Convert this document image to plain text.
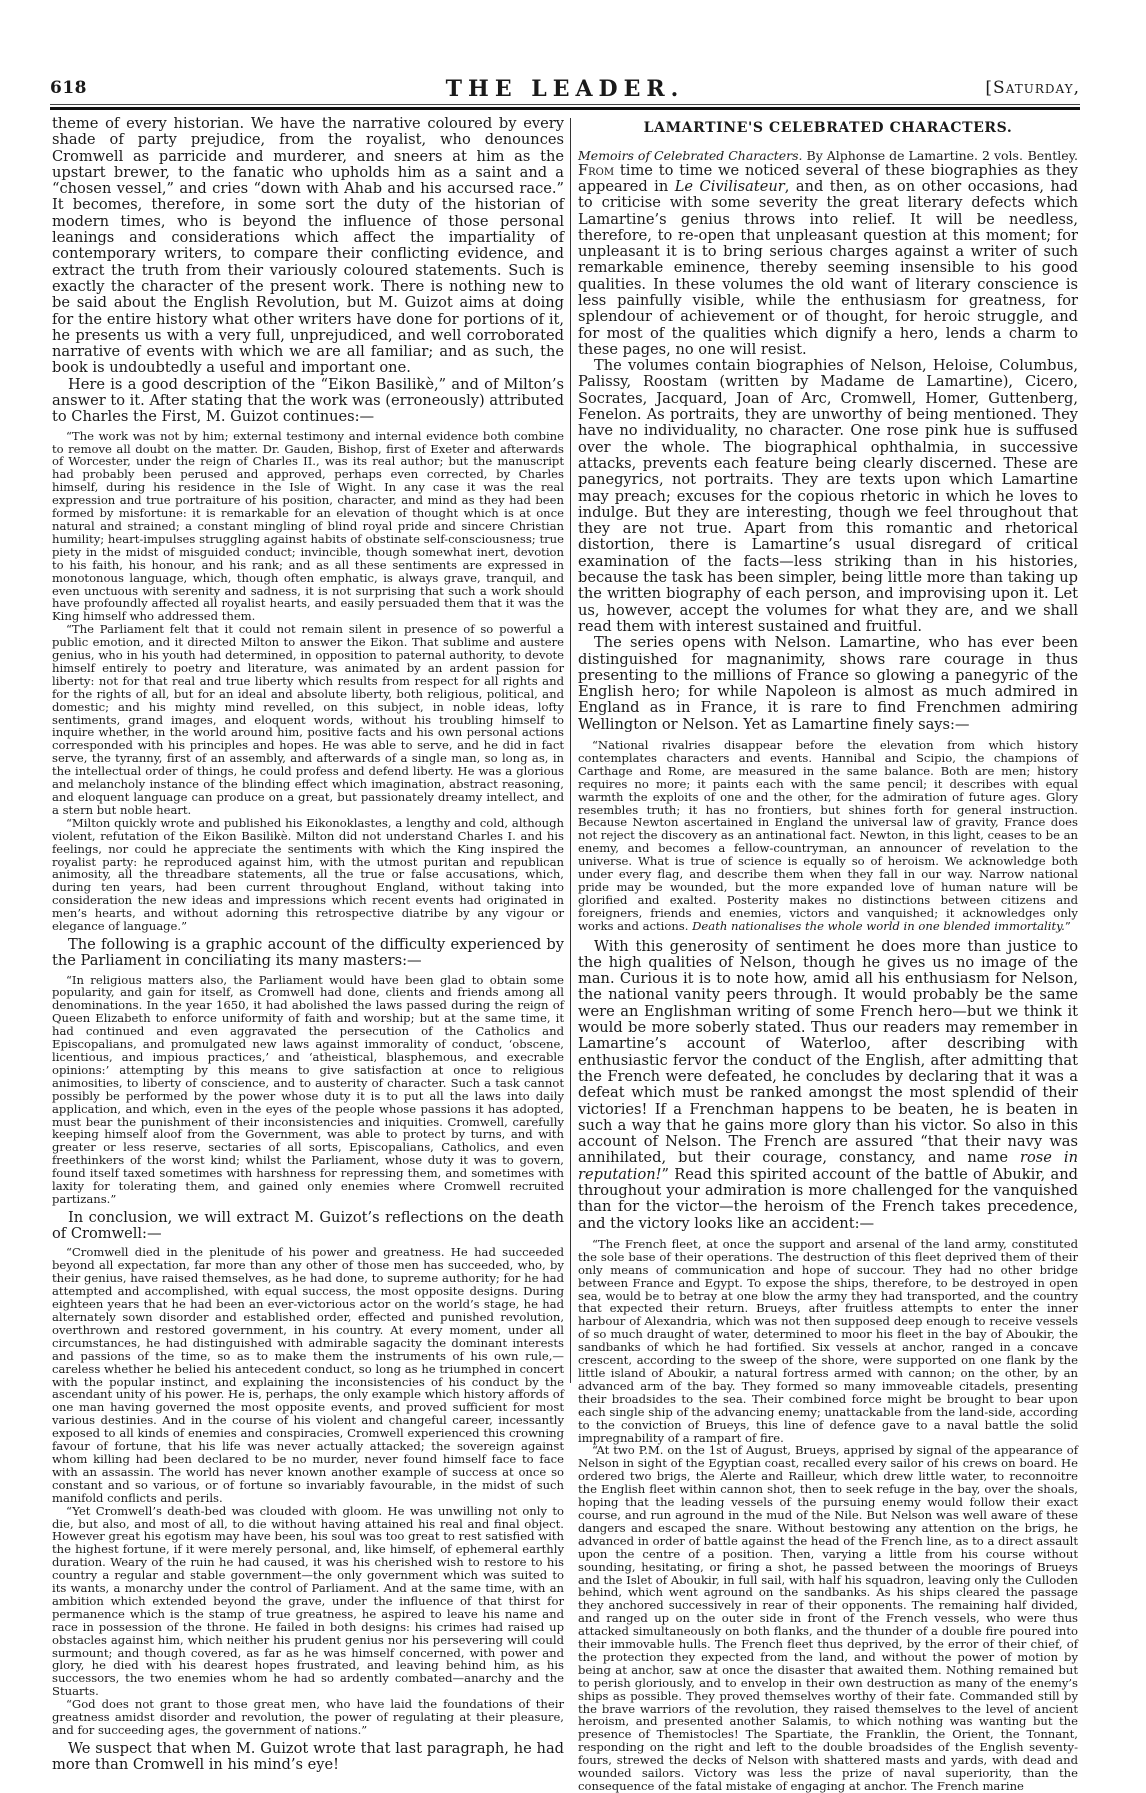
618	THE LEADER.	[Saturday,

theme of every historian. We have the narrative coloured by every shade of party prejudice, from the royalist, who denounces Cromwell as parricide and murderer, and sneers at him as the upstart brewer, to the fanatic who upholds him as a saint and a “chosen vessel,” and cries “down with Ahab and his accursed race.” It becomes, therefore, in some sort the duty of the historian of modern times, who is beyond the influence of those personal leanings and considerations which affect the impartiality of contemporary writers, to compare their conflicting evidence, and extract the truth from their variously coloured statements. Such is exactly the character of the present work. There is nothing new to be said about the English Revolution, but M. Guizot aims at doing for the entire history what other writers have done for portions of it, he presents us with a very full, unprejudiced, and well corroborated narrative of events with which we are all familiar; and as such, the book is undoubtedly a useful and important one.

Here is a good description of the “Eikon Basilikè,” and of Milton’s answer to it. After stating that the work was (erroneously) attributed to Charles the First, M. Guizot continues:—

“The work was not by him; external testimony and internal evidence both combine to remove all doubt on the matter. Dr. Gauden, Bishop, first of Exeter and afterwards of Worcester, under the reign of Charles II., was its real author; but the manuscript had probably been perused and approved, perhaps even corrected, by Charles himself, during his residence in the Isle of Wight. In any case it was the real expression and true portraiture of his position, character, and mind as they had been formed by misfortune: it is remarkable for an elevation of thought which is at once natural and strained; a constant mingling of blind royal pride and sincere Christian humility; heart-impulses struggling against habits of obstinate self-consciousness; true piety in the midst of misguided conduct; invincible, though somewhat inert, devotion to his faith, his honour, and his rank; and as all these sentiments are expressed in monotonous language, which, though often emphatic, is always grave, tranquil, and even unctuous with serenity and sadness, it is not surprising that such a work should have profoundly affected all royalist hearts, and easily persuaded them that it was the King himself who addressed them.

“The Parliament felt that it could not remain silent in presence of so powerful a public emotion, and it directed Milton to answer the Eikon. That sublime and austere genius, who in his youth had determined, in opposition to paternal authority, to devote himself entirely to poetry and literature, was animated by an ardent passion for liberty: not for that real and true liberty which results from respect for all rights and for the rights of all, but for an ideal and absolute liberty, both religious, political, and domestic; and his mighty mind revelled, on this subject, in noble ideas, lofty sentiments, grand images, and eloquent words, without his troubling himself to inquire whether, in the world around him, positive facts and his own personal actions corresponded with his principles and hopes. He was able to serve, and he did in fact serve, the tyranny, first of an assembly, and afterwards of a single man, so long as, in the intellectual order of things, he could profess and defend liberty. He was a glorious and melancholy instance of the blinding effect which imagination, abstract reasoning, and eloquent language can produce on a great, but passionately dreamy intellect, and a stern but noble heart.

“Milton quickly wrote and published his Eikonoklastes, a lengthy and cold, although violent, refutation of the Eikon Basilikè. Milton did not understand Charles I. and his feelings, nor could he appreciate the sentiments with which the King inspired the royalist party: he reproduced against him, with the utmost puritan and republican animosity, all the threadbare statements, all the true or false accusations, which, during ten years, had been current throughout England, without taking into consideration the new ideas and impressions which recent events had originated in men’s hearts, and without adorning this retrospective diatribe by any vigour or elegance of language.”

The following is a graphic account of the difficulty experienced by the Parliament in conciliating its many masters:—

“In religious matters also, the Parliament would have been glad to obtain some popularity, and gain for itself, as Cromwell had done, clients and friends among all denominations. In the year 1650, it had abolished the laws passed during the reign of Queen Elizabeth to enforce uniformity of faith and worship; but at the same time, it had continued and even aggravated the persecution of the Catholics and Episcopalians, and promulgated new laws against immorality of conduct, ‘obscene, licentious, and impious practices,’ and ‘atheistical, blasphemous, and execrable opinions:’ attempting by this means to give satisfaction at once to religious animosities, to liberty of conscience, and to austerity of character. Such a task cannot possibly be performed by the power whose duty it is to put all the laws into daily application, and which, even in the eyes of the people whose passions it has adopted, must bear the punishment of their inconsistencies and iniquities. Cromwell, carefully keeping himself aloof from the Government, was able to protect by turns, and with greater or less reserve, sectaries of all sorts, Episcopalians, Catholics, and even freethinkers of the worst kind; whilst the Parliament, whose duty it was to govern, found itself taxed sometimes with harshness for repressing them, and sometimes with laxity for tolerating them, and gained only enemies where Cromwell recruited partizans.”

In conclusion, we will extract M. Guizot’s reflections on the death of Cromwell:—

“Cromwell died in the plenitude of his power and greatness. He had succeeded beyond all expectation, far more than any other of those men has succeeded, who, by their genius, have raised themselves, as he had done, to supreme authority; for he had attempted and accomplished, with equal success, the most opposite designs. During eighteen years that he had been an ever-victorious actor on the world’s stage, he had alternately sown disorder and established order, effected and punished revolution, overthrown and restored government, in his country. At every moment, under all circumstances, he had distinguished with admirable sagacity the dominant interests and passions of the time, so as to make them the instruments of his own rule,—careless whether he belied his antecedent conduct, so long as he triumphed in concert with the popular instinct, and explaining the inconsistencies of his conduct by the ascendant unity of his power. He is, perhaps, the only example which history affords of one man having governed the most opposite events, and proved sufficient for most various destinies. And in the course of his violent and changeful career, incessantly exposed to all kinds of enemies and conspiracies, Cromwell experienced this crowning favour of fortune, that his life was never actually attacked; the sovereign against whom killing had been declared to be no murder, never found himself face to face with an assassin. The world has never known another example of success at once so constant and so various, or of fortune so invariably favourable, in the midst of such manifold conflicts and perils.

“Yet Cromwell’s death-bed was clouded with gloom. He was unwilling not only to die, but also, and most of all, to die without having attained his real and final object. However great his egotism may have been, his soul was too great to rest satisfied with the highest fortune, if it were merely personal, and, like himself, of ephemeral earthly duration. Weary of the ruin he had caused, it was his cherished wish to restore to his country a regular and stable government—the only government which was suited to its wants, a monarchy under the control of Parliament. And at the same time, with an ambition which extended beyond the grave, under the influence of that thirst for permanence which is the stamp of true greatness, he aspired to leave his name and race in possession of the throne. He failed in both designs: his crimes had raised up obstacles against him, which neither his prudent genius nor his persevering will could surmount; and though covered, as far as he was himself concerned, with power and glory, he died with his dearest hopes frustrated, and leaving behind him, as his successors, the two enemies whom he had so ardently combated—anarchy and the Stuarts.

“God does not grant to those great men, who have laid the foundations of their greatness amidst disorder and revolution, the power of regulating at their pleasure, and for succeeding ages, the government of nations.”

We suspect that when M. Guizot wrote that last paragraph, he had more than Cromwell in his mind’s eye!

LAMARTINE'S CELEBRATED CHARACTERS.
Memoirs of Celebrated Characters. By Alphonse de Lamartine. 2 vols. Bentley.

From time to time we noticed several of these biographies as they appeared in Le Civilisateur, and then, as on other occasions, had to criticise with some severity the great literary defects which Lamartine’s genius throws into relief. It will be needless, therefore, to re-open that unpleasant question at this moment; for unpleasant it is to bring serious charges against a writer of such remarkable eminence, thereby seeming insensible to his good qualities. In these volumes the old want of literary conscience is less painfully visible, while the enthusiasm for greatness, for splendour of achievement or of thought, for heroic struggle, and for most of the qualities which dignify a hero, lends a charm to these pages, no one will resist.

The volumes contain biographies of Nelson, Heloise, Columbus, Palissy, Roostam (written by Madame de Lamartine), Cicero, Socrates, Jacquard, Joan of Arc, Cromwell, Homer, Guttenberg, Fenelon. As portraits, they are unworthy of being mentioned. They have no individuality, no character. One rose pink hue is suffused over the whole. The biographical ophthalmia, in successive attacks, prevents each feature being clearly discerned. These are panegyrics, not portraits. They are texts upon which Lamartine may preach; excuses for the copious rhetoric in which he loves to indulge. But they are interesting, though we feel throughout that they are not true. Apart from this romantic and rhetorical distortion, there is Lamartine’s usual disregard of critical examination of the facts—less striking than in his histories, because the task has been simpler, being little more than taking up the written biography of each person, and improvising upon it. Let us, however, accept the volumes for what they are, and we shall read them with interest sustained and fruitful.

The series opens with Nelson. Lamartine, who has ever been distinguished for magnanimity, shows rare courage in thus presenting to the millions of France so glowing a panegyric of the English hero; for while Napoleon is almost as much admired in England as in France, it is rare to find Frenchmen admiring Wellington or Nelson. Yet as Lamartine finely says:—

“National rivalries disappear before the elevation from which history contemplates characters and events. Hannibal and Scipio, the champions of Carthage and Rome, are measured in the same balance. Both are men; history requires no more; it paints each with the same pencil; it describes with equal warmth the exploits of one and the other, for the admiration of future ages. Glory resembles truth; it has no frontiers, but shines forth for general instruction. Because Newton ascertained in England the universal law of gravity, France does not reject the discovery as an antinational fact. Newton, in this light, ceases to be an enemy, and becomes a fellow-countryman, an announcer of revelation to the universe. What is true of science is equally so of heroism. We acknowledge both under every flag, and describe them when they fall in our way. Narrow national pride may be wounded, but the more expanded love of human nature will be glorified and exalted. Posterity makes no distinctions between citizens and foreigners, friends and enemies, victors and vanquished; it acknowledges only works and actions. Death nationalises the whole world in one blended immortality.”

With this generosity of sentiment he does more than justice to the high qualities of Nelson, though he gives us no image of the man. Curious it is to note how, amid all his enthusiasm for Nelson, the national vanity peers through. It would probably be the same were an Englishman writing of some French hero—but we think it would be more soberly stated. Thus our readers may remember in Lamartine’s account of Waterloo, after describing with enthusiastic fervor the conduct of the English, after admitting that the French were defeated, he concludes by declaring that it was a defeat which must be ranked amongst the most splendid of their victories! If a Frenchman happens to be beaten, he is beaten in such a way that he gains more glory than his victor. So also in this account of Nelson. The French are assured “that their navy was annihilated, but their courage, constancy, and name rose in reputation!” Read this spirited account of the battle of Abukir, and throughout your admiration is more challenged for the vanquished than for the victor—the heroism of the French takes precedence, and the victory looks like an accident:—

“The French fleet, at once the support and arsenal of the land army, constituted the sole base of their operations. The destruction of this fleet deprived them of their only means of communication and hope of succour. They had no other bridge between France and Egypt. To expose the ships, therefore, to be destroyed in open sea, would be to betray at one blow the army they had transported, and the country that expected their return. Brueys, after fruitless attempts to enter the inner harbour of Alexandria, which was not then supposed deep enough to receive vessels of so much draught of water, determined to moor his fleet in the bay of Aboukir, the sandbanks of which he had fortified. Six vessels at anchor, ranged in a concave crescent, according to the sweep of the shore, were supported on one flank by the little island of Aboukir, a natural fortress armed with cannon; on the other, by an advanced arm of the bay. They formed so many immoveable citadels, presenting their broadsides to the sea. Their combined force might be brought to bear upon each single ship of the advancing enemy; unattackable from the land-side, according to the conviction of Brueys, this line of defence gave to a naval battle the solid impregnability of a rampart of fire.

“At two P.M. on the 1st of August, Brueys, apprised by signal of the appearance of Nelson in sight of the Egyptian coast, recalled every sailor of his crews on board. He ordered two brigs, the Alerte and Railleur, which drew little water, to reconnoitre the English fleet within cannon shot, then to seek refuge in the bay, over the shoals, hoping that the leading vessels of the pursuing enemy would follow their exact course, and run aground in the mud of the Nile. But Nelson was well aware of these dangers and escaped the snare. Without bestowing any attention on the brigs, he advanced in order of battle against the head of the French line, as to a direct assault upon the centre of a position. Then, varying a little from his course without sounding, hesitating, or firing a shot, he passed between the moorings of Brueys and the Islet of Aboukir, in full sail, with half his squadron, leaving only the Culloden behind, which went aground on the sandbanks. As his ships cleared the passage they anchored successively in rear of their opponents. The remaining half divided, and ranged up on the outer side in front of the French vessels, who were thus attacked simultaneously on both flanks, and the thunder of a double fire poured into their immovable hulls. The French fleet thus deprived, by the error of their chief, of the protection they expected from the land, and without the power of motion by being at anchor, saw at once the disaster that awaited them. Nothing remained but to perish gloriously, and to envelop in their own destruction as many of the enemy’s ships as possible. They proved themselves worthy of their fate. Commanded still by the brave warriors of the revolution, they raised themselves to the level of ancient heroism, and presented another Salamis, to which nothing was wanting but the presence of Themistocles! The Spartiate, the Franklin, the Orient, the Tonnant, responding on the right and left to the double broadsides of the English seventy-fours, strewed the decks of Nelson with shattered masts and yards, with dead and wounded sailors. Victory was less the prize of naval superiority, than the consequence of the fatal mistake of engaging at anchor. The French marine
